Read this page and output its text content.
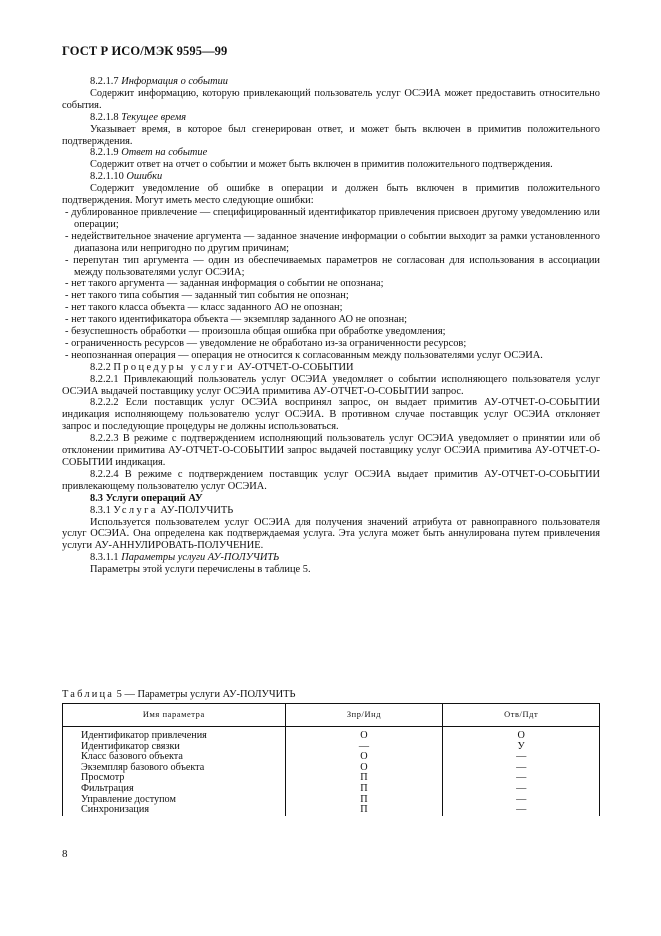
ГОСТ Р ИСО/МЭК 9595—99

8.2.1.7 Информация о событии

Содержит информацию, которую привлекающий пользователь услуг ОСЭИА может предоставить относительно события.

8.2.1.8 Текущее время

Указывает время, в которое был сгенерирован ответ, и может быть включен в примитив положительного подтверждения.

8.2.1.9 Ответ на событие

Содержит ответ на отчет о событии и может быть включен в примитив положительного подтверждения.

8.2.1.10 Ошибки

Содержит уведомление об ошибке в операции и должен быть включен в примитив положительного подтверждения. Могут иметь место следующие ошибки:

- дублированное привлечение — специфицированный идентификатор привлечения присвоен другому уведомлению или операции;
- недействительное значение аргумента — заданное значение информации о событии выходит за рамки установленного диапазона или непригодно по другим причинам;
- перепутан тип аргумента — один из обеспечиваемых параметров не согласован для использования в ассоциации между пользователями услуг ОСЭИА;
- нет такого аргумента — заданная информация о событии не опознана;
- нет такого типа события — заданный тип события не опознан;
- нет такого класса объекта — класс заданного АО не опознан;
- нет такого идентификатора объекта — экземпляр заданного АО не опознан;
- безуспешность обработки — произошла общая ошибка при обработке уведомления;
- ограниченность ресурсов — уведомление не обработано из-за ограниченности ресурсов;
- неопознанная операция — операция не относится к согласованным между пользователями услуг ОСЭИА.

8.2.2 Процедуры услуги АУ-ОТЧЕТ-О-СОБЫТИИ

8.2.2.1 Привлекающий пользователь услуг ОСЭИА уведомляет о событии исполняющего пользователя услуг ОСЭИА выдачей поставщику услуг ОСЭИА примитива АУ-ОТЧЕТ-О-СОБЫТИИ запрос.

8.2.2.2 Если поставщик услуг ОСЭИА воспринял запрос, он выдает примитив АУ-ОТЧЕТ-О-СОБЫТИИ индикация исполняющему пользователю услуг ОСЭИА. В противном случае поставщик услуг ОСЭИА отклоняет запрос и последующие процедуры не должны использоваться.

8.2.2.3 В режиме с подтверждением исполняющий пользователь услуг ОСЭИА уведомляет о принятии или об отклонении примитива АУ-ОТЧЕТ-О-СОБЫТИИ запрос выдачей поставщику услуг ОСЭИА примитива АУ-ОТЧЕТ-О-СОБЫТИИ индикация.

8.2.2.4 В режиме с подтверждением поставщик услуг ОСЭИА выдает примитив АУ-ОТЧЕТ-О-СОБЫТИИ привлекающему пользователю услуг ОСЭИА.

8.3 Услуги операций АУ

8.3.1 Услуга АУ-ПОЛУЧИТЬ

Используется пользователем услуг ОСЭИА для получения значений атрибута от равноправного пользователя услуг ОСЭИА. Она определена как подтверждаемая услуга. Эта услуга может быть аннулирована путем привлечения услуги АУ-АННУЛИРОВАТЬ-ПОЛУЧЕНИЕ.

8.3.1.1 Параметры услуги АУ-ПОЛУЧИТЬ

Параметры этой услуги перечислены в таблице 5.

Таблица 5 — Параметры услуги АУ-ПОЛУЧИТЬ
Имя параметра	Зпр/Инд	Отв/Пдт
Идентификатор привлечения	О	О
Идентификатор связки	—	У
Класс базового объекта	О	—
Экземпляр базового объекта	О	—
Просмотр	П	—
Фильтрация	П	—
Управление доступом	П	—
Синхронизация	П	—
8
